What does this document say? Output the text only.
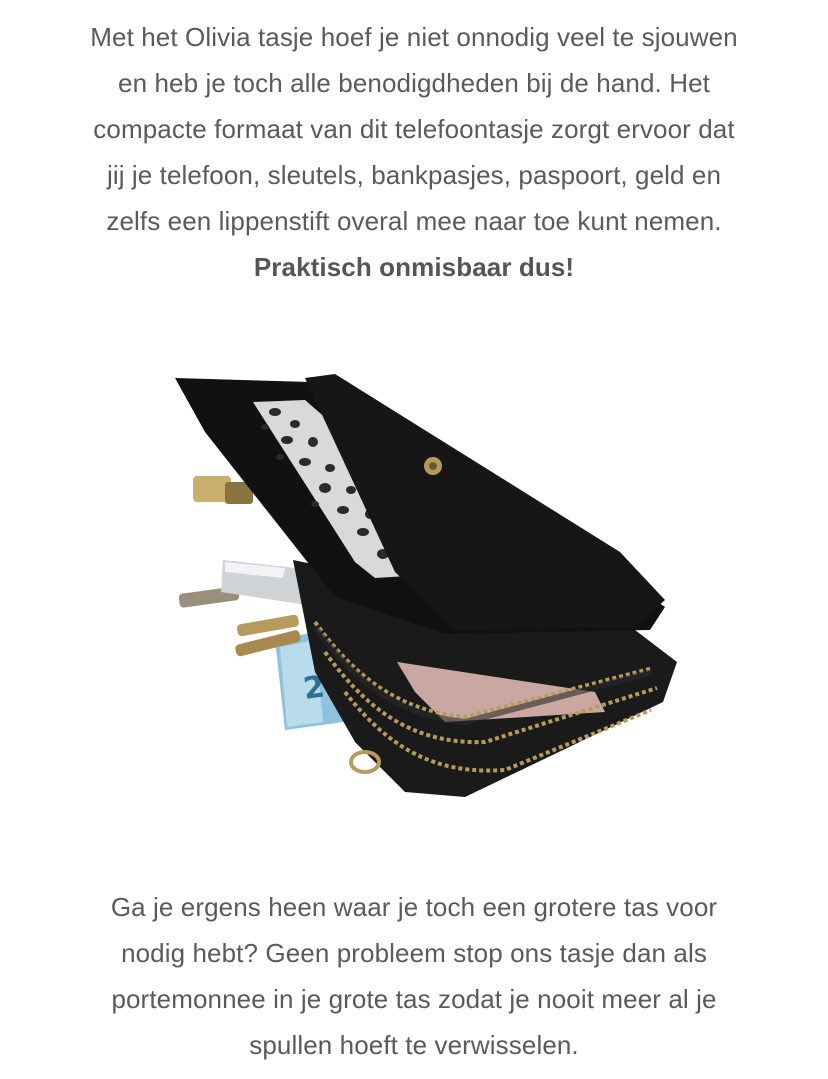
Met het Olivia tasje hoef je niet onnodig veel te sjouwen
en heb je toch alle benodigdheden bij de hand. Het
compacte formaat van dit telefoontasje zorgt ervoor dat
jij je telefoon, sleutels, bankpasjes, paspoort, geld en
zelfs een lippenstift overal mee naar toe kunt nemen.
Praktisch onmisbaar dus!
Ga je ergens heen waar je toch een grotere tas voor
nodig hebt? Geen probleem stop ons tasje dan als
portemonnee in je grote tas zodat je nooit meer al je
spullen hoeft te verwisselen.
